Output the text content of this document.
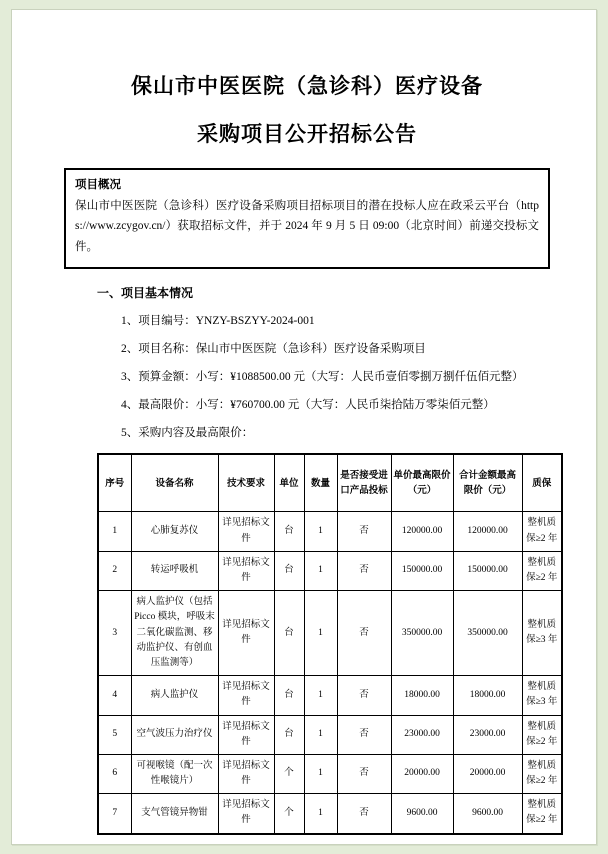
保山市中医医院（急诊科）医疗设备
采购项目公开招标公告
项目概况
保山市中医医院（急诊科）医疗设备采购项目招标项目的潜在投标人应在政采云平台（https://www.zcygov.cn/）获取招标文件，并于 2024 年 9 月 5 日 09:00（北京时间）前递交投标文件。
一、项目基本情况

1、项目编号：YNZY-BSZYY-2024-001

2、项目名称：保山市中医医院（急诊科）医疗设备采购项目

3、预算金额：小写：¥1088500.00 元（大写：人民币壹佰零捌万捌仟伍佰元整）

4、最高限价：小写：¥760700.00 元（大写：人民币柒拾陆万零柒佰元整）

5、采购内容及最高限价：

序号	设备名称	技术要求	单位	数量	是否接受进口产品投标	单价最高限价（元）	合计金额最高限价（元）	质保
1	心肺复苏仪	详见招标文件	台	1	否	120000.00	120000.00	整机质保≥2 年
2	转运呼吸机	详见招标文件	台	1	否	150000.00	150000.00	整机质保≥2 年
3	病人监护仪（包括 Picco 模块，呼吸末二氧化碳监测、移动监护仪、有创血压监测等）	详见招标文件	台	1	否	350000.00	350000.00	整机质保≥3 年
4	病人监护仪	详见招标文件	台	1	否	18000.00	18000.00	整机质保≥3 年
5	空气波压力治疗仪	详见招标文件	台	1	否	23000.00	23000.00	整机质保≥2 年
6	可视喉镜（配一次性喉镜片）	详见招标文件	个	1	否	20000.00	20000.00	整机质保≥2 年
7	支气管镜异物钳	详见招标文件	个	1	否	9600.00	9600.00	整机质保≥2 年
